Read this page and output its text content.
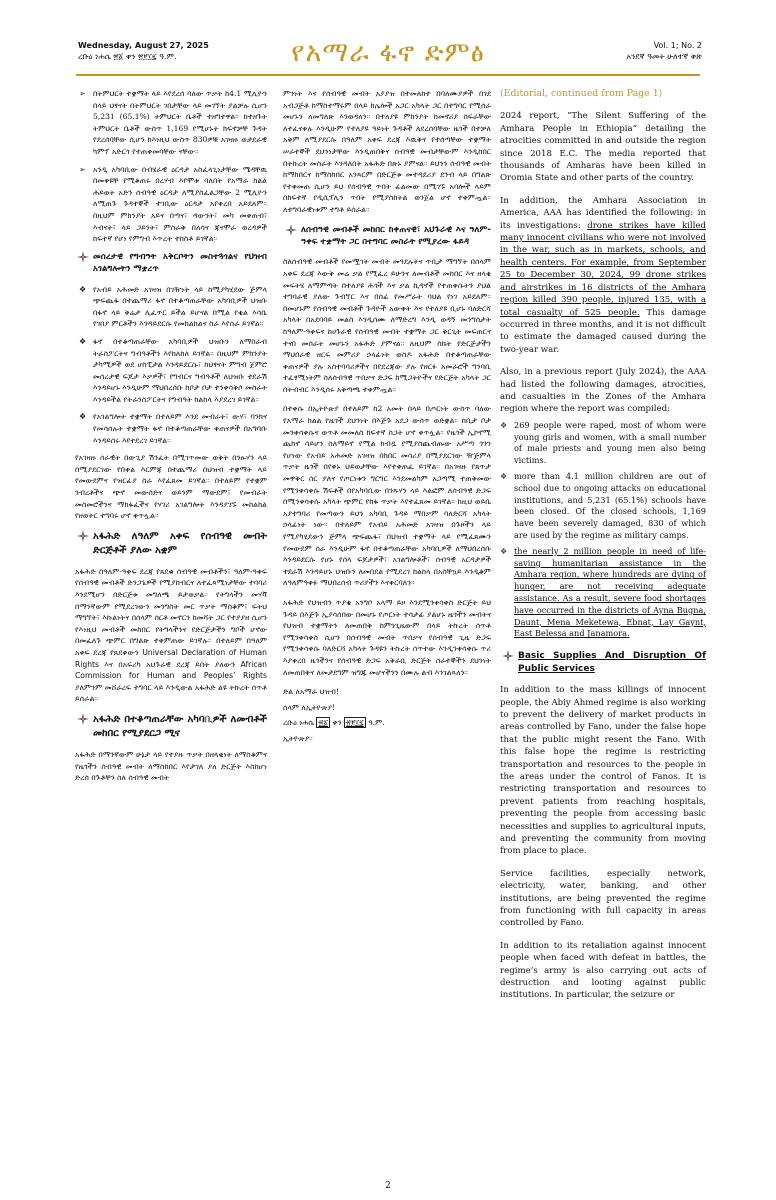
Wednesday, August 27, 2025
ረቡዕ ነሐሴ ፳፩ ቀን ፳፻፲፯ ዓ.ም.	የአማራ ፋኖ ድምፅ	Vol. 1; No. 2
አንደኛ ዓመት ሁለተኛ ቅጽ
➢ በትምህርት ተቋማት ላይ እየደረሰ ባለው ጥቃት ከ4.1 ሚሊዮን በላይ ህፃናት በትምህርት ገበታቸው ላይ መገኘት ያልቻሉ ሲሆን 5,231 (65.1%) ትምህርት ቤቶች ተዘግተዋል። ከተዘጉት ትምህርት ቤቶች ውስጥ 1,169 የሚሆኑት ክፍኖቻቸ ጉዳት የደረሰባቸው ሲሆን ከእነዚህ ውስጥ 830ዎቹ አገዛዙ ወታደራዊ ካምፕ አድርጎ የተጠቀመባቸው ናቸው።
➢ አንዲ አካባቢው በብሄራዊ ዕርዳታ አስፈላጊነታቸው ሜዳቸዉ በመቀዩቸ የሚቆጠሩ በረሃብ እየሞቱ ባለበት የአማራ ክልል ሕይወት አድን ሰብዓዊ ዕርዳታ ለሚያስፈልጋቸው 2 ሚሊዮን ለሚጠጉ ጉዳተኞች ተገቢው ዕርዳታ አየቀረበ አይደለም። በዚህም ምክንያት አይና በጣና፣ ዳውንት፣ መካ መቀጠብ፣ እብናት፣ ላይ ጋይንት፣ ምስራቅ በለሳና ጃናሞራ ወረዳዎች ከፍተኛ የሆነ የምግብ እጥረት ተከስቶ ይገኛል።
መሰረታዊ የግብዓት አቅርቦትን መስተጓጎልና የህዝብ አገልግሎትን ማቋረጥ
❖ የአብይ አሕመድ አገዛዝ በገዥነት ላይ ከሚያካሂደው ጅምላ ጭፍጨፋ በተጨማሪ ፋኖ በተቆጣጠራቸው አካባቢዎች ህዝቡ በፋኖ ላይ ቅሬታ ሊፈጥር ይችል ይሆናል በሚል የቂል እሳቤ የገበያ ምርቶችን እንዳይደርሱ የመከልከልና ስራ እየሰራ ይገኛል።
❖ ፋኖ በተቆጣጠራቸው አካባቢዎች ህዝቡን ለማስራብ ትራስፖርትና ግብዓቶችን እየከለከለ ይገኛል። በዚህም ምክንያት ታካሚዎች ወደ ሆስፒታል እንዳይደርሱ፣ ከህፃናት ምግብ ጀምሮ መሰረታዊ ፍጆታ እቃዎች፣ የግብርና ግብዓቶች ለህዝቡ ተደራሽ እንዳይሆኑ እንዲሁም ማህበረሰቡ ከቦታ ቦታ ተንቀሳቅሶ መስራት እንዳይችል የትራንስፖርትና የግብዓት ክልከላ እያደረገ ይገኛል።
❖ የአገልግሎት ተቋማት በተለይም እንደ መብራት፣ ውሃ፣ ባንክና የመሳሰሉት ተቋማት ፋኖ በተቆጣጠራቸው ቀጠናዎች በአግባቡ እንዳይሰሩ እየተደረገ ይገኛል።

የአገዛዙ ሰራዊት በውጊያ ሽንፈት በሚገጥመው ወቅት በንፁሃን ላይ በሚያደርገው የበቀል እርምጃ በተጨማሪ በህዝብ ተቋማት ላይ የመውደምና የዝርፊያ ስራ እየፈጸመ ይገኛል። በተለይም የተቋም ንብረቶችና ጭኖ መውሰድና ወይንም ማውደም፣ የመብራት መስመሮችንና ማከፋፈችና የሃገሪ አገልግሎት እንዳያገኙ መከልከል የዘወትር ተግባሩ ሆኖ ቀጥሏል።

አፋሕድ ለዓለም አቀፍ የሰብዓዊ መብት ድርጅቶች ያለው አቋም

አፋሕድ በዓለም-ዓቀፍ ደረጃ የጸደቁ ሰብዓዊ መብቶችን፣ ዓለም-ዓቀፍ የሰብዓዊ መብቶች ድንጋጌዎች የሚያከብርና ለተፈጻሚነታቸው ተባባሪ እንደሚሆን በድርጅቱ መግለጫ ይታወቃል። የትግላችን መሃቫ በማንኛውም የሚደረገውን መንግስት መር ጥቃት ማስቆም፣ ፍትህ ማግኘት፣ እኩልነትና በሰላም ሰርቶ መኖርን ከመሻት ጋር የተያያዘ ሲሆን የእነዚህ መብቶች መከበር የትግላችንና የድርጅታችን ግቦች ሆኖው በመፈለጉ ጭምር በግልጽ ተቀምጠው ይገኛሉ። በተለይም በዓለም አቀፍ ደረጃ የጸደቀውን Universal Declaration of Human Rights እና በአፍሪካ አህጉራዊ ደረጃ ይበት ያለውን African Commission for Human and Peoples’ Rights ያለምንም መሸራረፍ ተግባር ላይ እንዲውል አፋሕድ ልዩ ትኩረት ሰጥቶ ይሰራል።

አፋሕድ በተቆጣጠራቸው አካባቢዎች ለመብቶች መከበር የሚያደርጋ ሚና

አፋሕድ በማንኛውም ሁኔታ ላይ የተያዙ ጥቃት በዘላቂነት ለማስቆምና የዜጎችን ሰብዓዊ መብት ለማስከበር እየታገለ ያለ ድርጅት እስከሆነ ድረስ በጉቶቸን ስለ ሰብዓዊ መብት

ምንነት እና የሰብዓዊ መብት አያያዝ በተመለከተ በባለሙያዎች በገደ አብጋጅቶ ከማስተማሩም በላይ ከሌሎች አጋር አካላት ጋር በተግባር የሚሰራ መሆኑን ለመግለጽ እንወዳለን። በተለያዩ ምክንያት ከመኖሪያ ስፍራቸው ለተፈናቀሉ እንዲሁም የተለያዩ ዓይነት ጉዳቶች ለደረሰባቸው ዜጎች በተቻለ አቅም ለሚያደርሱ በዓለም አቀፍ ደረጃ እዉቅና የተሰጣቸው ተቋማት ሠራተኞች ደህንነታቸው እንዲጠበቅና ሰብዓዊ መብታቸውም እንዲከበር በትኩረት መስራት እንዳለበት አፋሕድ በጽኑ ያምናል። ይህንን ሰብዓዊ መብት ከማክበርና ከማስከበር አንጻርም በድርጅቱ መተዳደሪያ ደንብ ላይ በግልጽ የተቀመጠ ሲሆን ይህ የሰብዓዊ ጥበት ፊልመው በሚገኙ አባሎች ላይም በከፍተኛ የዲሲፕሊን ጥበት የሚያስከትል ወንጀል ሆኖ ተቀምጧል። ለተግባራዊነቱም ተግቶ ይሰራል።

ለሰብዓዊ መብቶች መከበር ከቀጠናዊ፣ አህጉራዊ እና ዓለም-ዓቀፍ ተቋማት ጋር በተግባር መስራት የሚያረው ፋይዳ

ስለሰብዓዊ መብቶች የመሟገት መብት መጓደሉትና ጥቢታ ማግኘት በሰላም አቀፍ ደረጃ እውቅ መሬ ቃል የሚፈረ ይሁንና ለመብቶች መከበር እና ዘላቂ መፍትሄ ለማምጣት በተለያዩ ሕጎች እና ቃል ኪዳኖች የተጠቀሱትን ያህል ተግባራዊ ያለው ጉብኘር እና በሰፊ የመሥራት ባህል የነገ አይደለም። በመሆኑም የሰብዓዊ መብቶች ጉዳዮች አውቀት እና የተለያዩ ቢሆኑ ባለድርሻ አካላት በአደባባይ መልስ እንዲሰሙ ለማድረግ እንዲ ወዳኝ መንግስታት ከዓለም-ዓቀፍና ከሀጉራዊ የሰብዓዊ መብት ተቋማት ጋር ቅርጊት መፍጠርና ተናበ መስራት መሆኑን አፋሕድ ያምናል። ለዚህም ስኬት የድርጅታችን ማህበራዊ ዘርፍ መምሪያ ኃላፊነት ወስዶ አፋሕድ በተቆጣጠራቸው ቀጠናዎች ያሉ አስተባባሪዎችና በየደረጃው ያሉ የዘርፉ አመራሮች ግንባቢ ተፈፃሚነትም ስለሰብዓዊ ጥበቃና ድጋፍ ከሚጋትዮችና የድርጅት አካላት ጋር በትብብር እንዲሰሩ አቅጣጫ ተቀምጧል።

በተቀሱ በኢትዮጵያ በተለይም ከ2 አመት በላይ በጦርነት ውስጥ ባለው የአማራ ክልል የዜጎች ደህንነት በእጅጉ አደጋ ውስጥ ወድቋል። ከቢታ ቦታ መንቀሳቀሱና ወጥቶ መመለስ ከፍተኛ ስጋት ሆኖ ቀጥሏል። የዜጎች ኢኮኖሚ ጨክኖ ሳይሆን ስለማይኖ የሚል ከብዷ የሚያስጨብጡው አሥጣ ጎንን የሆነው የአብይ አሕመድ አገዛዝ በክበር መሳሪያ በሚያደርገው ዥጅምላ ጥቃት ዜጎች በየቀኑ ህይወታቸው እየተቀጠፈ ይገኛል። በአገዛዙ የጸጥታ መዋቅር ሰር ያለና የጦርነቱን ግርግር እንደመልካም አጋጣሚ ተጠቅመው የሚንቀሳቀሱ ሽፍቶች በየአካባቢው በንጹሃን ላይ እልፎም ለሰብዓዊ ድጋፍ በሚንቀሳቀሱ አካላት ጭምር የከፋ ጥቃት እየተፈጸመ ይገኛል። ከዚህ ወይቤ አያተግባሪ የመጣውን ይህን አካባቢ ጉዳይ ማበቃም ባለድርሻ አካላት ኃላፊነት ነው። በተለይም የአብይ አሕመድ አገዛዝ በጉዞችን ላይ የሚያካሂደውን ጅምላ ጭፍጨፋ፣ በህዝብ ተቋማት ላይ የሚፈጸሙን የመውደም ስራ እንዲሁም ፋኖ በተቆጣጠራቸው አካባቢዎች ለማህበረሰቡ እንዳይደርሱ የሆኑ የሰላ ፍጆታዎች፣ አገልግሎቶች፣ ሰብዓዊ አርዳታዎች ተደራሽ እንዳይሆኑ ህዝቡን ለመበደል የሚደረገ ክልከላ በአስቸኳይ እንዲቆም ለዓለምዓቀፉ ማህበረሰብ ጥሪያችን እናቀርባለን።

አፋሕድ የህዝብን ጥያቄ አንግቦ አላማ ይዞ እንደሚንቀሳቀስ ድርጅት ይህ ጉዳይ በእጅጉ ኢያሳሰበው በመሆኑ የጦርነት ተሳታፊ ያልሆኑ ዜጎችን መብትና የህዝብ ተቋማትን ለመጠበቅ ከምንጊዜውም በላይ ትኩረት ሰጥቶ የሚንቀሳቀስ ሲሆን በሰብዓዊ መብት ጥበቃና የሰብዓዊ ጊዜ ድጋፍ የሚንቀሳቀሱ ባለድርሻ አካላት ጉዳዩን ትኩረት ሰጥተው እንዲንቀሳቀሱ ጥሪ እያቀረበ ዜጎችንና የሰብዓዊ ድጋፍ አቅራቢ ድርጅት ሰራተኞችን ደህንነት ለመጠበቅና ለመታደግም ዝግጁ መሆናችንን በሙሉ ልብ እንገልጻለን።

ድል ለአማራ ህዝብ!

ሰላም ለኢትዮጵያ!

ረቡዕ ነሐሴ ፳፩ ቀን ፳፻፲፯ ዓ.ም.

ኢትዮጵያ።

(Editorial, continued from Page 1)

2024 report, “The Silent Suffering of the Amhara People in Ethiopia” detailing the atrocities committed in and outside the region since 2018 E.C. The media reported that thousands of Amharas have been killed in Oromia State and other parts of the country.

In addition, the Amhara Association in America, AAA has identified the following: in its investigations: drone strikes have killed many innocent civilians who were not involved in the war, such as in markets, schools, and health centers. For example, from September 25 to December 30, 2024, 99 drone strikes and airstrikes in 16 districts of the Amhara region killed 390 people, injured 135, with a total casualty of 525 people. This damage occurred in three months, and it is not difficult to estimate the damaged caused during the two-year war.

Also, in a previous report (July 2024), the AAA had listed the following damages, atrocities, and casualties in the Zones of the Amhara region where the report was compiled:

❖ 269 people were raped, most of whom were young girls and women, with a small number of male priests and young men also being victims.
❖ more than 4.1 million children are out of school due to ongoing attacks on educational institutions, and 5,231 (65.1%) schools have been closed. Of the closed schools, 1,169 have been severely damaged, 830 of which are used by the regime as military camps.
❖ the nearly 2 million people in need of life-saving humanitarian assistance in the Amhara region, where hundreds are dying of hunger, are not receiving adequate assistance. As a result, severe food shortages have occurred in the districts of Ayna Bugna, Daunt, Mena Meketewa, Ebnat, Lay Gaynt, East Belessa and Janamora.
Basic Supplies And Disruption Of Public Services

In addition to the mass killings of innocent people, the Abiy Ahmed regime is also working to prevent the delivery of market products in areas controlled by Fano, under the false hope that the public might resent the Fano. With this false hope the regime is restricting transportation and resources to the people in the areas under the control of Fanos. It is restricting transportation and resources to prevent patients from reaching hospitals, preventing the people from accessing basic necessities and supplies to agricultural inputs, and preventing the community from moving from place to place.

Service facilities, especially network, electricity, water, banking, and other institutions, are being prevented the regime from functioning with full capacity in areas controlled by Fano.

In addition to its retaliation against innocent people when faced with defeat in battles, the regime’s army is also carrying out acts of destruction and looting against public institutions. In particular, the seizure or

2
